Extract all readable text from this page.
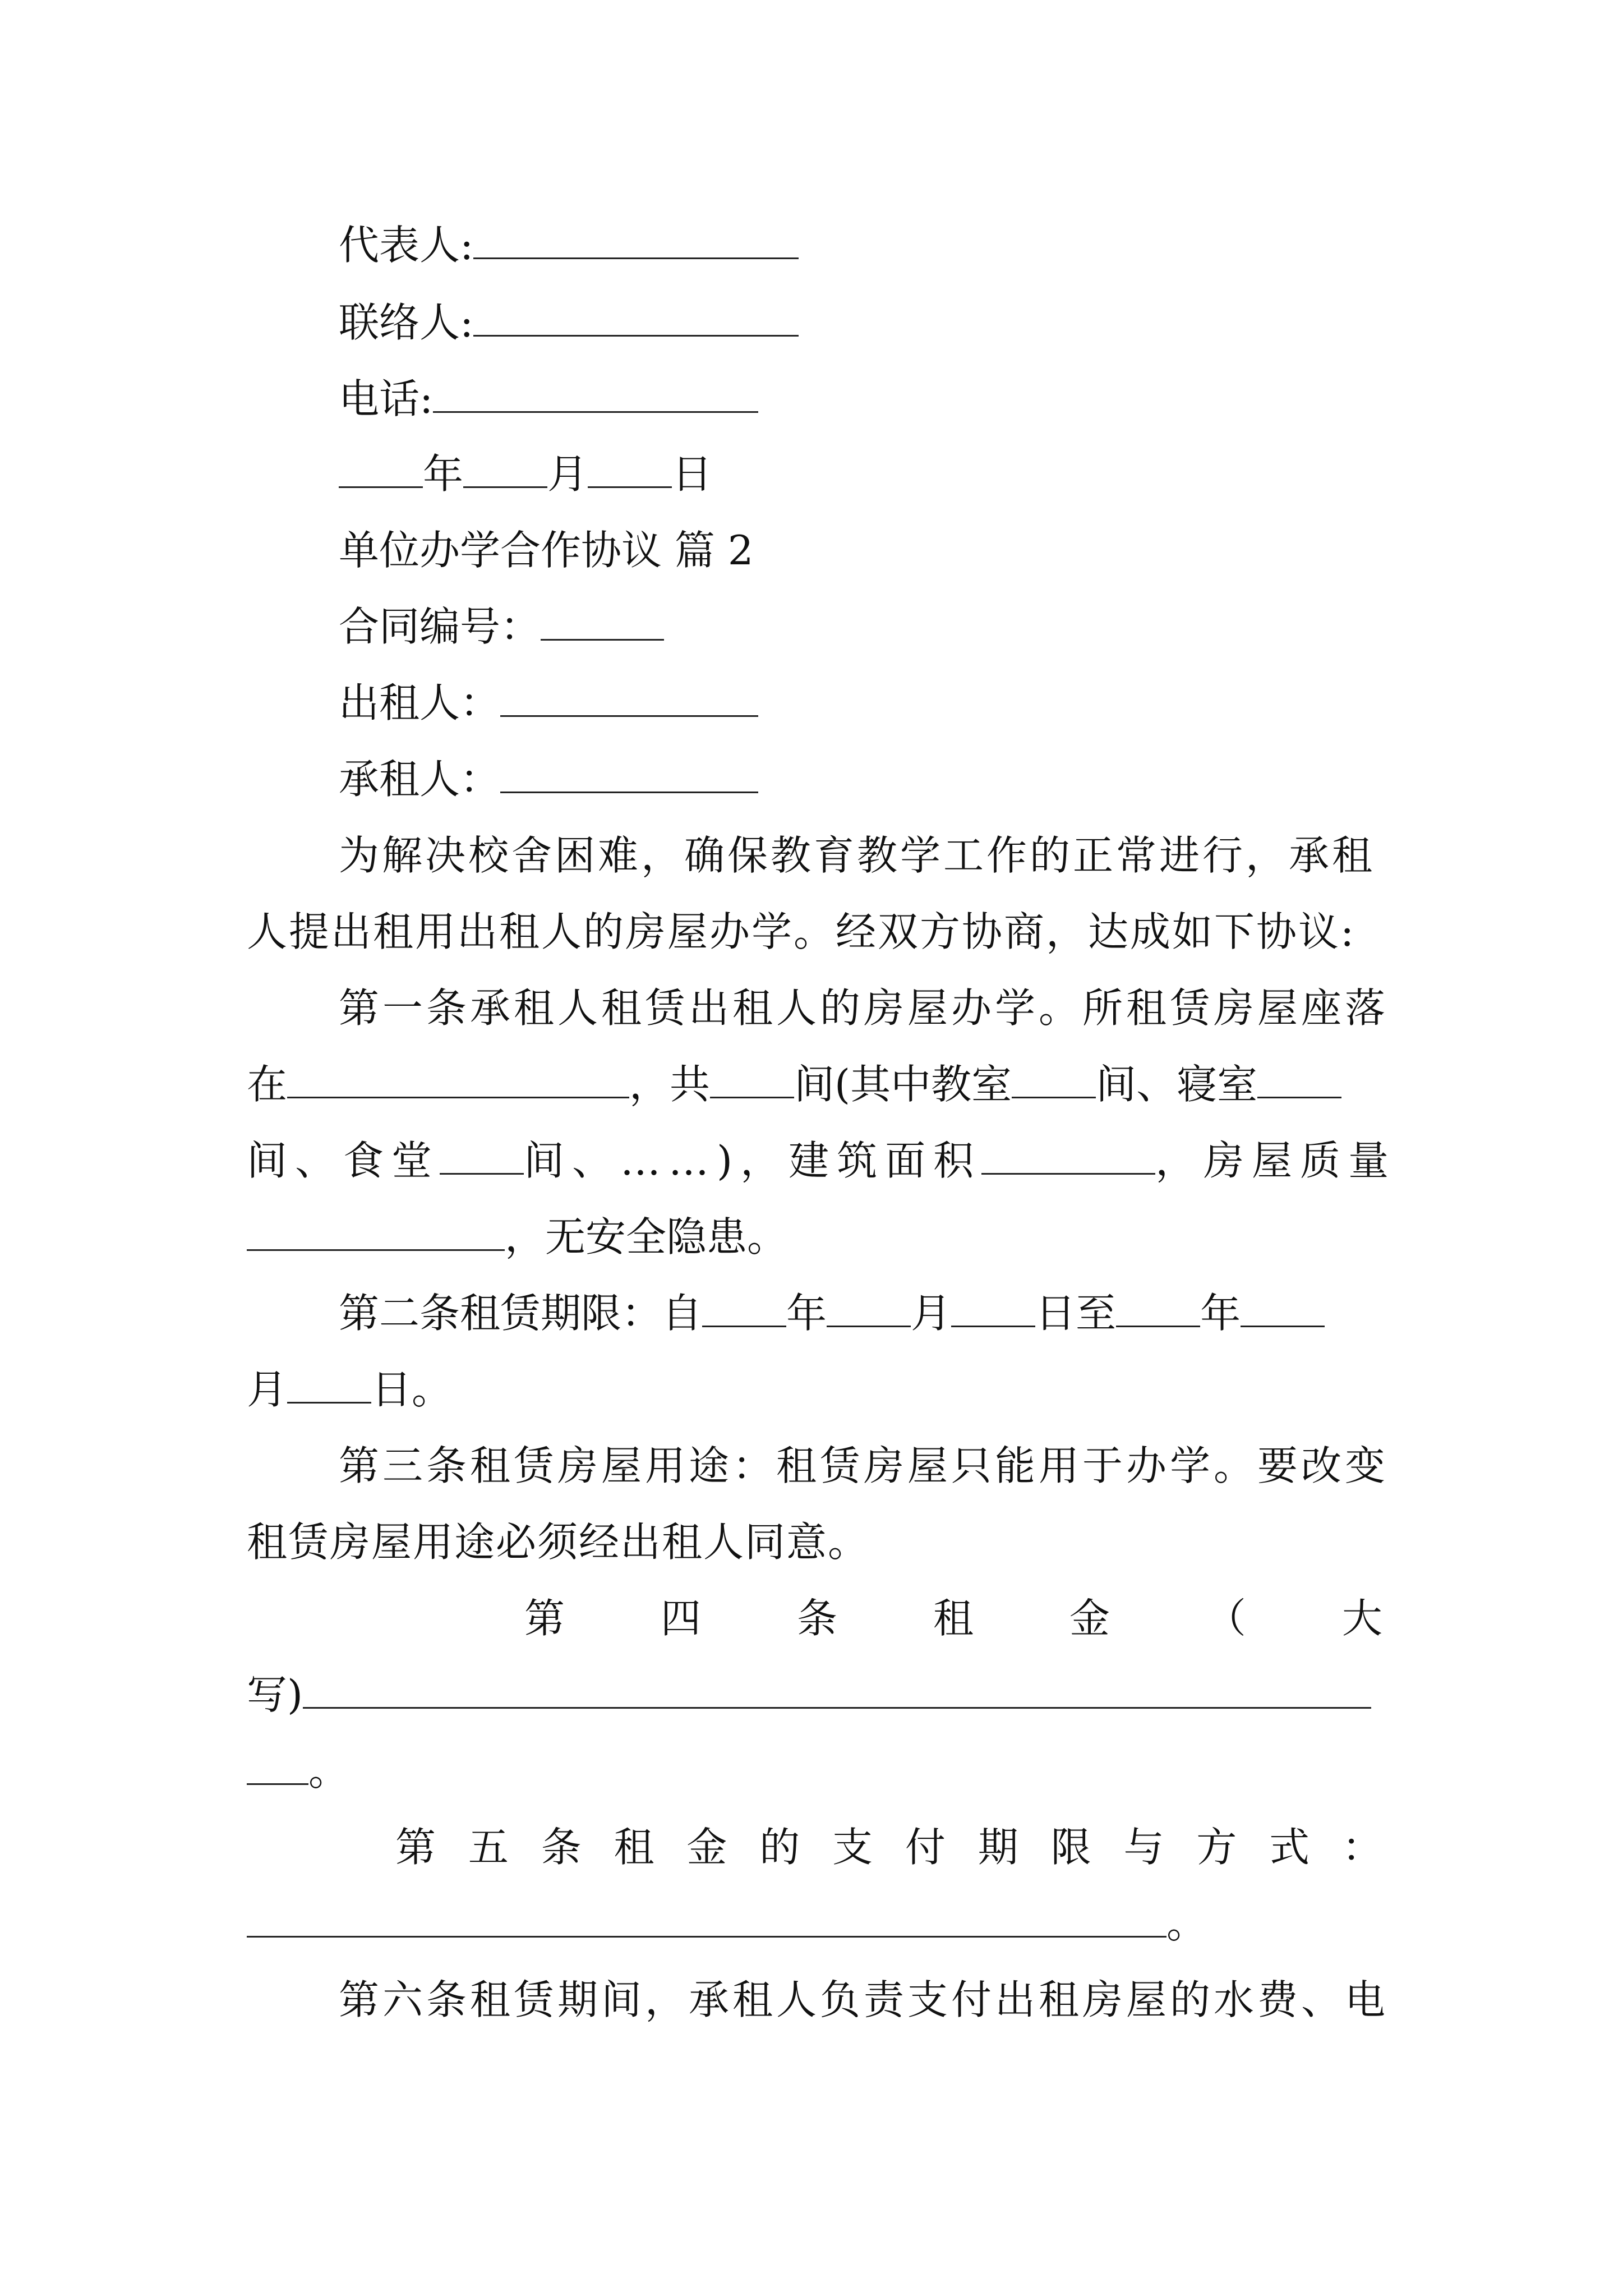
代表人:
联络人:
电话:
年 月 日
单位办学合作协议 篇 2
合同编号：
出租人：
承租人：
为解决校舍困难，确保教育教学工作的正常进行，承租
人提出租用出租人的房屋办学。经双方协商，达成如下协议:
第一条承租人租赁出租人的房屋办学。所租赁房屋座落
在	，共 间(其中教室 间、寝室
间、食堂 间、……)，建筑面积	，房屋质量
，无安全隐患。
第二条租赁期限：自 年 月 日至 年
月 日。
第三条租赁房屋用途：租赁房屋只能用于办学。要改变
租赁房屋用途必须经出租人同意。
第 四 条 租 金 （ 大
写)
。
第 五 条 租 金 的 支 付 期 限 与 方 式 ：
。
第六条租赁期间，承租人负责支付出租房屋的水费、电
